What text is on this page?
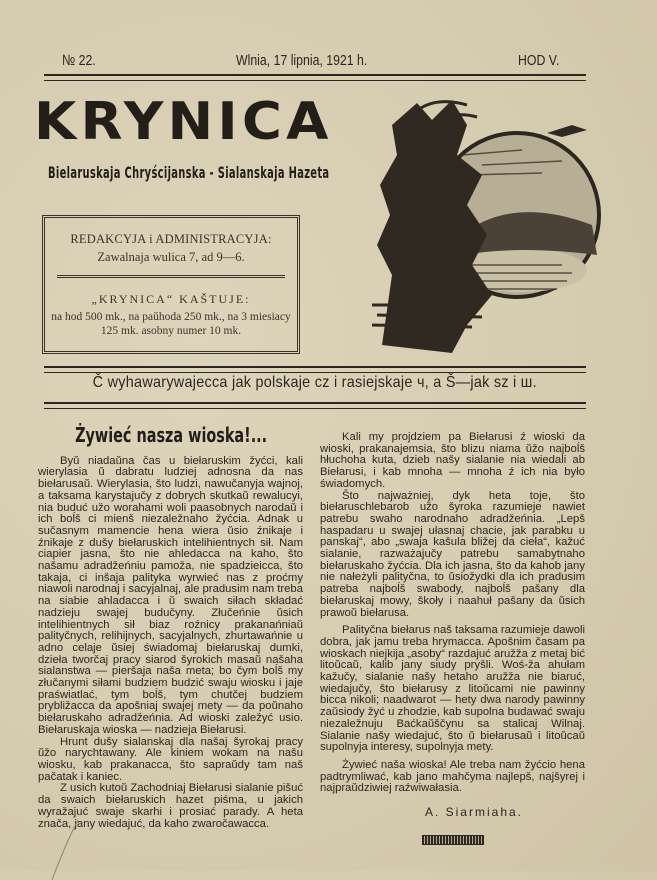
№ 22.	Wlnia, 17 lipnia, 1921 h.	HOD V.
KRYNICA
Bielaruskaja Chryścijanska - Sialanskaja Hazeta
REDAKCYJA i ADMINISTRACYJA:
Zawalnaja wulica 7, ad 9—6.
„KRYNICA“ KAŠTUJE:
na hod 500 mk., na paŭhoda 250 mk., na 3 miesiacy
125 mk. asobny numer 10 mk.
Č wyhawarywajecca jak polskaje cz i rasiejskaje ч, a Š—jak sz i ш.
Żywieć nasza wioska!...

Byŭ niadaŭna čas u biełaruskim žyćci, kali wierylasia ŭ dabratu ludziej adnosna da nas biełarusaŭ. Wierylasia, što ludzi, nawučanyja wajnoj, a taksama karystajučy z dobrych skutkaŭ rewalucyi, nia buduć užo worahami woli paasobnych narodaŭ i ich boĺš ci mienš niezaležnaho žyćcia. Adnak u sučasnym mamencie hena wiera ŭsio źnikaje i źnikaje z dušy biełaruskich intelihientnych sił. Nam ciapier jasna, što nie ahledacca na kaho, što našamu adradžeńniu pamoža, nie spadzieicca, što takaja, ci inšaja palityka wyrwieć nas z proćmy niawoli narodnaj i sacyjalnaj, ale pradusim nam treba na siabie ahladacca i ŭ swaich siłach składać nadzieju swajej budučyny. Złučeńnie ŭsich intelihientnych sił biaz roźnicy prakanańniaŭ palityčnych, relihijnych, sacyjalnych, zhurtawańnie u adno celaje ŭsiej świadomaj biełaruskaj dumki, dzieła tworčaj pracy siarod šyrokich masaŭ našaha sialanstwa — pieršaja naša meta; bo čym boĺš my złučanymi siłami budziem budzić swaju wiosku i jaje praświatlać, tym boĺš, tym chutčej budziem prybližacca da apošniaj swajej mety — da poŭnaho biełaruskaho adradžeńnia. Ad wioski zaležyć usio. Biełaruskaja wioska — nadzieja Biełarusi.

Hrunt dušy sialanskaj dla našaj šyrokaj pracy ŭžo narychtawany. Ale kiniem wokam na našu wiosku, kab prakanacca, što sapraŭdy tam naš pačatak i kaniec.

Z usich kutoŭ Zachodniaj Biełarusi sialanie pišuć da swaich biełaruskich hazet piśma, u jakich wyražajuć swaje skarhi i prosiać parady. A heta značа, jany wiedajuć, da kaho zwaročawacca.

Kali my projdziem pa Biełarusi ź wioski da wioski, prakanajemsia, što blizu niama ŭžo najboĺš hłuchoha kuta, dzieb našy sialanie nia wiedali ab Biełarusi, i kab mnoha — mnoha ź ich nia było świadomych.

Što najważniej, dyk heta toje, što biełaruschlebarob užo šyroka razumieje nawiet patrebu swaho narodnaho adradžeńnia. „Lepš haspadaru u swajej ułasnaj chacie, jak parabku u panskaj“, abo „swaja kašula bližej da cieła“, kažuć sialanie, razważajučy patrebu samabytnaho biełaruskaho žyćcia. Dla ich jasna, što da kahob jany nie nałeżyli palityčna, to ŭsiožydki dla ich pradusim patreba najboĺš swabody, najboĺš pašany dla biełaruskaj mowy, škoły i naahuł pašany da ŭsich prawoŭ biełarusa.

Palityčna biełarus naš taksama razumieje dawoli dobra, jak jamu treba hrymacca. Apošnim časam pa wioskach niejkija „asoby“ razdajuć aružža z metaj bić litoŭcaŭ, kalib jany siudy pryšli. Woś-ža ahułam kažučy, sialanie našy hetaho aružža nie biaruć, wiedajučy, što biełarusy z litoŭcami nie pawinny biccа nikoli; naadwarot — hety dwa narody pawinny zaŭsiody žyć u zhodzie, kab supolna budawać swaju niezaležnuju Baćkaŭščynu sa stalicaj Wilnaj. Sialanie našy wiedajuć, što ŭ biełarusaŭ i litoŭcaŭ supolnyja interesy, supolnyja mety.

Żywieć naša wioska! Ale treba nam žyćcio hena padtrymliwać, kab jano mahčyma najlepš, najšyrej i najpraŭdziwiej raźwiwałasia.

A. Siarmiaha.
